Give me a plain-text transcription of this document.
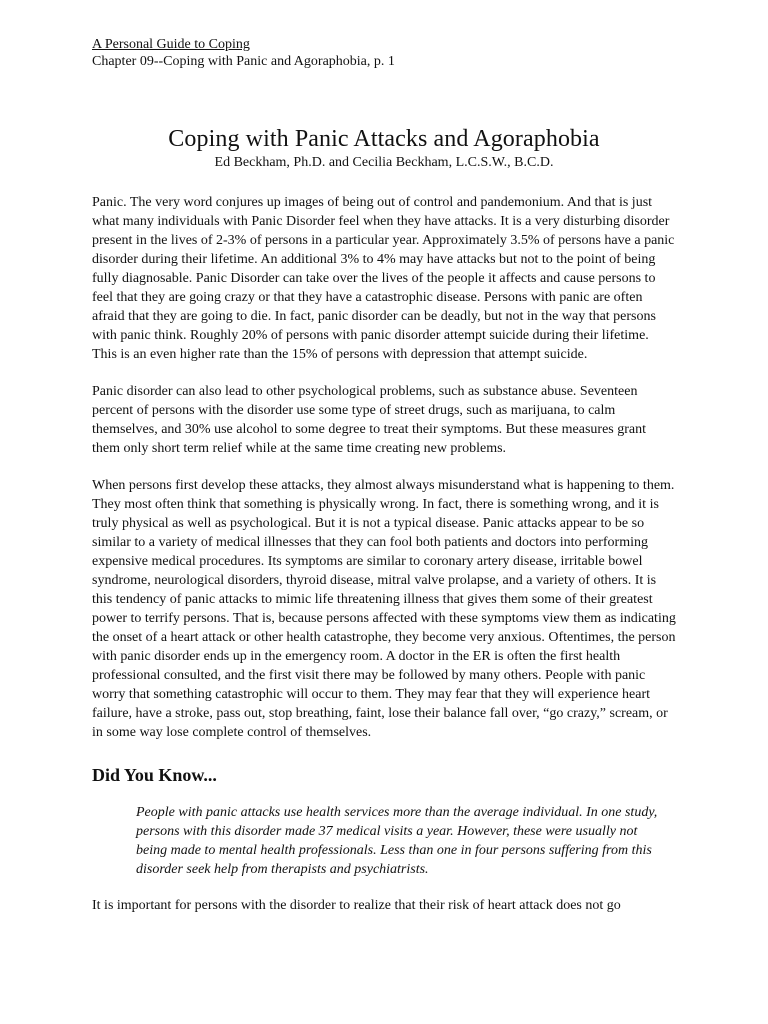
A Personal Guide to Coping
Chapter 09--Coping with Panic and Agoraphobia, p. 1
Coping with Panic Attacks and Agoraphobia

Ed Beckham, Ph.D. and Cecilia Beckham, L.C.S.W., B.C.D.

Panic. The very word conjures up images of being out of control and pandemonium. And that is just what many individuals with Panic Disorder feel when they have attacks. It is a very disturbing disorder present in the lives of 2-3% of persons in a particular year. Approximately 3.5% of persons have a panic disorder during their lifetime. An additional 3% to 4% may have attacks but not to the point of being fully diagnosable. Panic Disorder can take over the lives of the people it affects and cause persons to feel that they are going crazy or that they have a catastrophic disease. Persons with panic are often afraid that they are going to die. In fact, panic disorder can be deadly, but not in the way that persons with panic think. Roughly 20% of persons with panic disorder attempt suicide during their lifetime. This is an even higher rate than the 15% of persons with depression that attempt suicide.

Panic disorder can also lead to other psychological problems, such as substance abuse. Seventeen percent of persons with the disorder use some type of street drugs, such as marijuana, to calm themselves, and 30% use alcohol to some degree to treat their symptoms. But these measures grant them only short term relief while at the same time creating new problems.

When persons first develop these attacks, they almost always misunderstand what is happening to them. They most often think that something is physically wrong. In fact, there is something wrong, and it is truly physical as well as psychological. But it is not a typical disease. Panic attacks appear to be so similar to a variety of medical illnesses that they can fool both patients and doctors into performing expensive medical procedures. Its symptoms are similar to coronary artery disease, irritable bowel syndrome, neurological disorders, thyroid disease, mitral valve prolapse, and a variety of others. It is this tendency of panic attacks to mimic life threatening illness that gives them some of their greatest power to terrify persons. That is, because persons affected with these symptoms view them as indicating the onset of a heart attack or other health catastrophe, they become very anxious. Oftentimes, the person with panic disorder ends up in the emergency room. A doctor in the ER is often the first health professional consulted, and the first visit there may be followed by many others. People with panic worry that something catastrophic will occur to them. They may fear that they will experience heart failure, have a stroke, pass out, stop breathing, faint, lose their balance fall over, “go crazy,” scream, or in some way lose complete control of themselves.

Did You Know...

People with panic attacks use health services more than the average individual. In one study, persons with this disorder made 37 medical visits a year. However, these were usually not being made to mental health professionals. Less than one in four persons suffering from this disorder seek help from therapists and psychiatrists.

It is important for persons with the disorder to realize that their risk of heart attack does not go
